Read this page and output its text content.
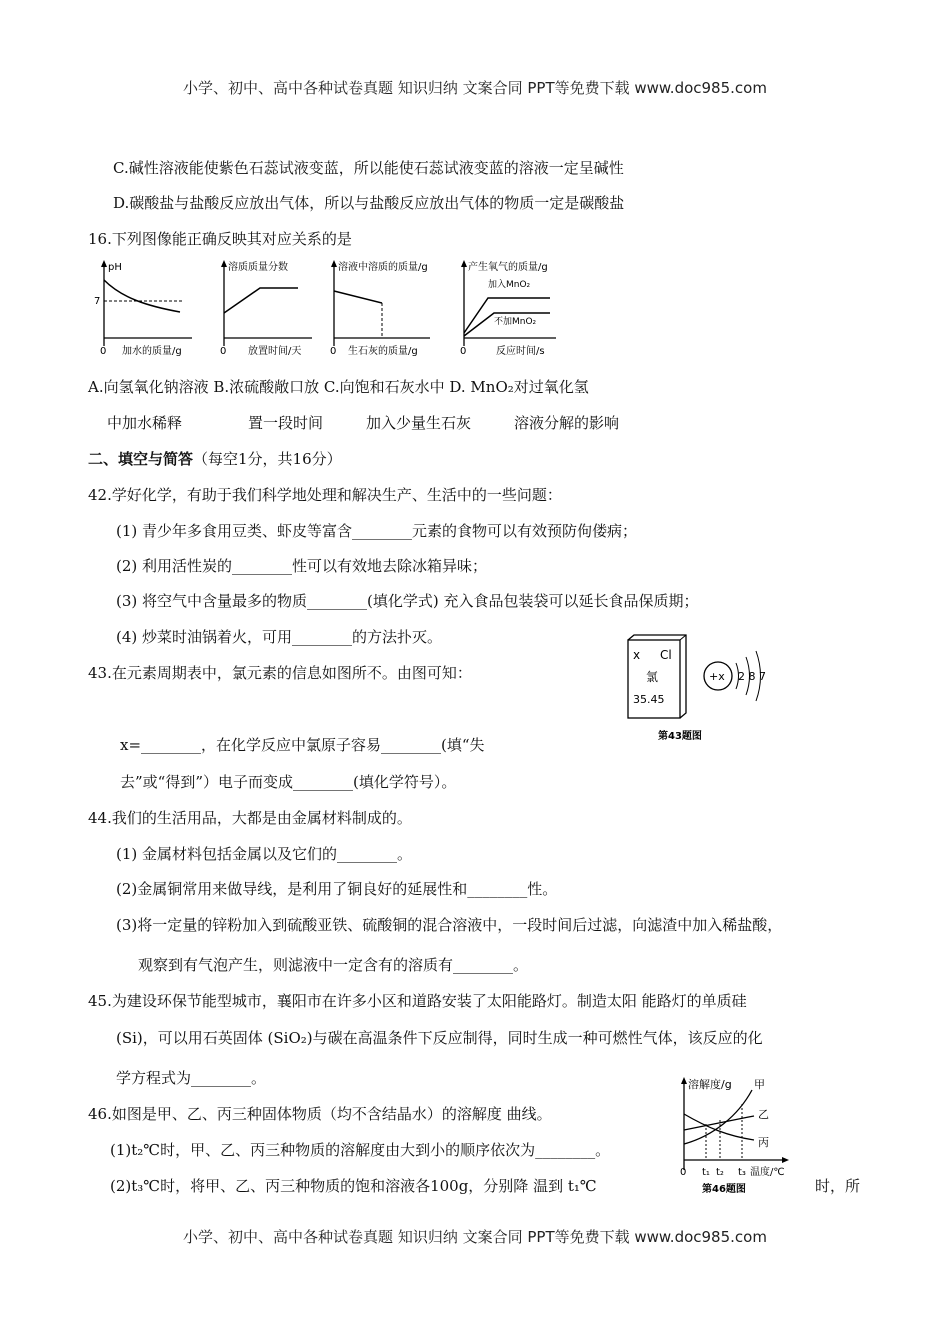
小学、初中、高中各种试卷真题 知识归纳 文案合同 PPT等免费下载 www.doc985.com
C.碱性溶液能使紫色石蕊试液变蓝，所以能使石蕊试液变蓝的溶液一定呈碱性
D.碳酸盐与盐酸反应放出气体，所以与盐酸反应放出气体的物质一定是碳酸盐
16.下列图像能正确反映其对应关系的是
pH
7
0 加水的质量/g
溶质质量分数
0 放置时间/天
溶液中溶质的质量/g
0 生石灰的质量/g
产生氧气的质量/g
加入MnO₂
不加MnO₂
0	反应时间/s
A.向氢氧化钠溶液 B.浓硫酸敞口放 C.向饱和石灰水中 D. MnO₂对过氧化氢
中加水稀释	置一段时间	加入少量生石灰	溶液分解的影响
二、填空与简答（每空1分，共16分）
42.学好化学，有助于我们科学地处理和解决生产、生活中的一些问题：
(1) 青少年多食用豆类、虾皮等富含________元素的食物可以有效预防佝偻病；
(2) 利用活性炭的________性可以有效地去除冰箱异味；
(3) 将空气中含量最多的物质________(填化学式) 充入食品包装袋可以延长食品保质期；
(4) 炒菜时油锅着火，可用________的方法扑灭。
43.在元素周期表中，氯元素的信息如图所不。由图可知：
x Cl
氯
35.45
+x 2 8 7
第43题图
x=________，在化学反应中氯原子容易________(填“失
去”或“得到”）电子而变成________(填化学符号）。
44.我们的生活用品，大都是由金属材料制成的。
(1) 金属材料包括金属以及它们的________。
(2)金属铜常用来做导线，是利用了铜良好的延展性和________性。
(3)将一定量的锌粉加入到硫酸亚铁、硫酸铜的混合溶液中，一段时间后过滤，向滤渣中加入稀盐酸，
观察到有气泡产生，则滤液中一定含有的溶质有________。
45.为建设环保节能型城市，襄阳市在许多小区和道路安装了太阳能路灯。制造太阳 能路灯的单质硅
(Si)，可以用石英固体 (SiO₂)与碳在高温条件下反应制得，同时生成一种可燃性气体，该反应的化
学方程式为________。	溶解度/g 甲
乙
丙
0 t₁ t₂ t₃ 温度/℃
第46题图
46.如图是甲、乙、丙三种固体物质（均不含结晶水）的溶解度 曲线。
(1)t₂℃时，甲、乙、丙三种物质的溶解度由大到小的顺序依次为________。
(2)t₃℃时，将甲、乙、丙三种物质的饱和溶液各100g，分别降 温到 t₁℃	时，所
小学、初中、高中各种试卷真题 知识归纳 文案合同 PPT等免费下载 www.doc985.com
